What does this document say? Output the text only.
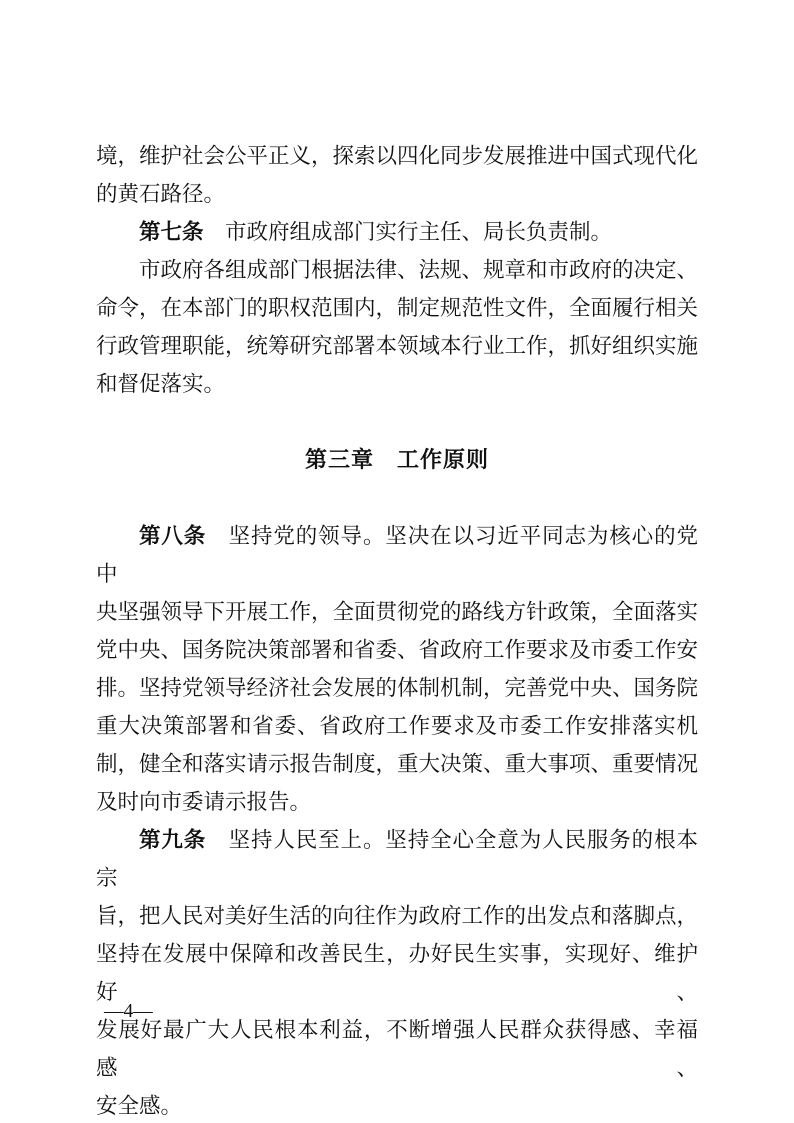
境，维护社会公平正义，探索以四化同步发展推进中国式现代化
的黄石路径。
第七条　市政府组成部门实行主任、局长负责制。
市政府各组成部门根据法律、法规、规章和市政府的决定、
命令，在本部门的职权范围内，制定规范性文件，全面履行相关
行政管理职能，统筹研究部署本领域本行业工作，抓好组织实施
和督促落实。
第三章　工作原则
第八条　坚持党的领导。坚决在以习近平同志为核心的党中
央坚强领导下开展工作，全面贯彻党的路线方针政策，全面落实
党中央、国务院决策部署和省委、省政府工作要求及市委工作安
排。坚持党领导经济社会发展的体制机制，完善党中央、国务院
重大决策部署和省委、省政府工作要求及市委工作安排落实机
制，健全和落实请示报告制度，重大决策、重大事项、重要情况
及时向市委请示报告。
第九条　坚持人民至上。坚持全心全意为人民服务的根本宗
旨，把人民对美好生活的向往作为政府工作的出发点和落脚点，
坚持在发展中保障和改善民生，办好民生实事，实现好、维护好、
发展好最广大人民根本利益，不断增强人民群众获得感、幸福感、
安全感。
—4—
